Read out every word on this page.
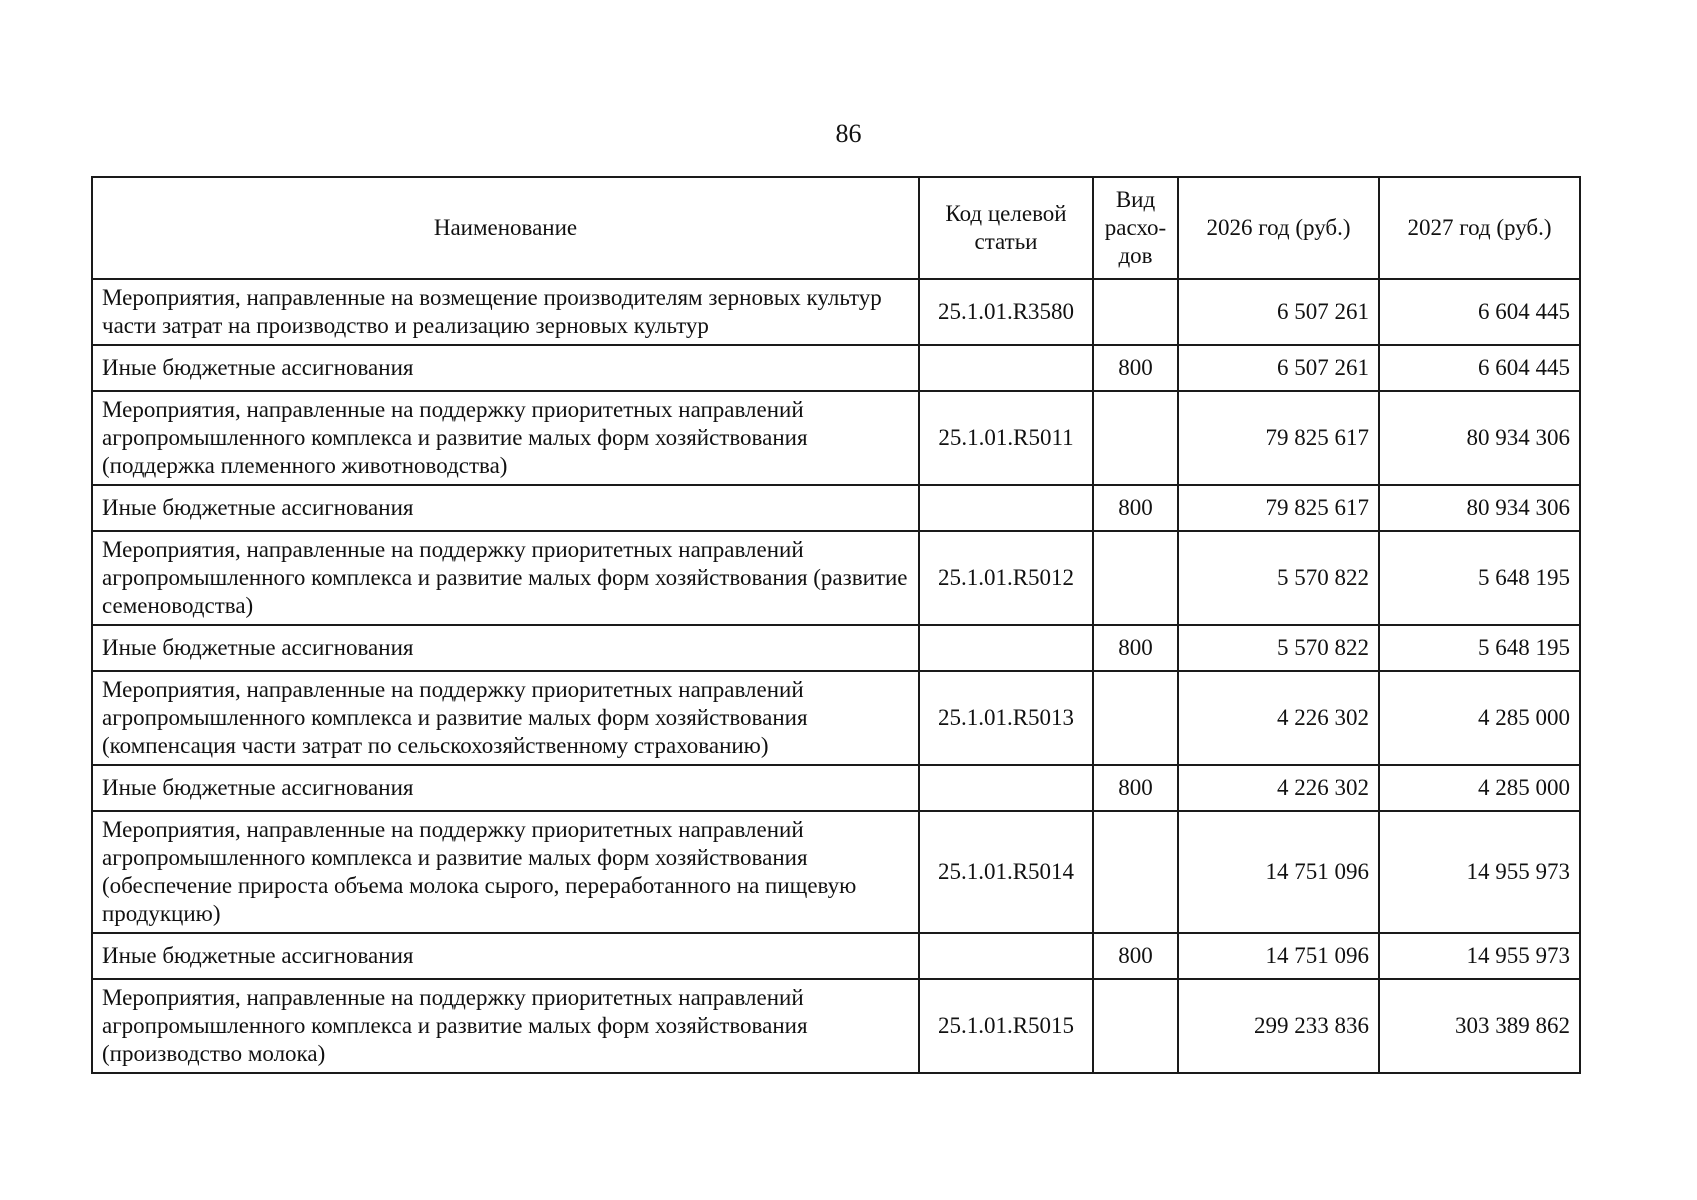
86
Наименование	Код целевой статьи	Вид расхо-дов	2026 год (руб.)	2027 год (руб.)
Мероприятия, направленные на возмещение производителям зерновых культур части затрат на производство и реализацию зерновых культур	25.1.01.R3580		6 507 261	6 604 445
Иные бюджетные ассигнования		800	6 507 261	6 604 445
Мероприятия, направленные на поддержку приоритетных направлений агропромышленного комплекса и развитие малых форм хозяйствования (поддержка племенного животноводства)	25.1.01.R5011		79 825 617	80 934 306
Иные бюджетные ассигнования		800	79 825 617	80 934 306
Мероприятия, направленные на поддержку приоритетных направлений агропромышленного комплекса и развитие малых форм хозяйствования (развитие семеноводства)	25.1.01.R5012		5 570 822	5 648 195
Иные бюджетные ассигнования		800	5 570 822	5 648 195
Мероприятия, направленные на поддержку приоритетных направлений агропромышленного комплекса и развитие малых форм хозяйствования (компенсация части затрат по сельскохозяйственному страхованию)	25.1.01.R5013		4 226 302	4 285 000
Иные бюджетные ассигнования		800	4 226 302	4 285 000
Мероприятия, направленные на поддержку приоритетных направлений агропромышленного комплекса и развитие малых форм хозяйствования (обеспечение прироста объема молока сырого, переработанного на пищевую продукцию)	25.1.01.R5014		14 751 096	14 955 973
Иные бюджетные ассигнования		800	14 751 096	14 955 973
Мероприятия, направленные на поддержку приоритетных направлений агропромышленного комплекса и развитие малых форм хозяйствования (производство молока)	25.1.01.R5015		299 233 836	303 389 862
